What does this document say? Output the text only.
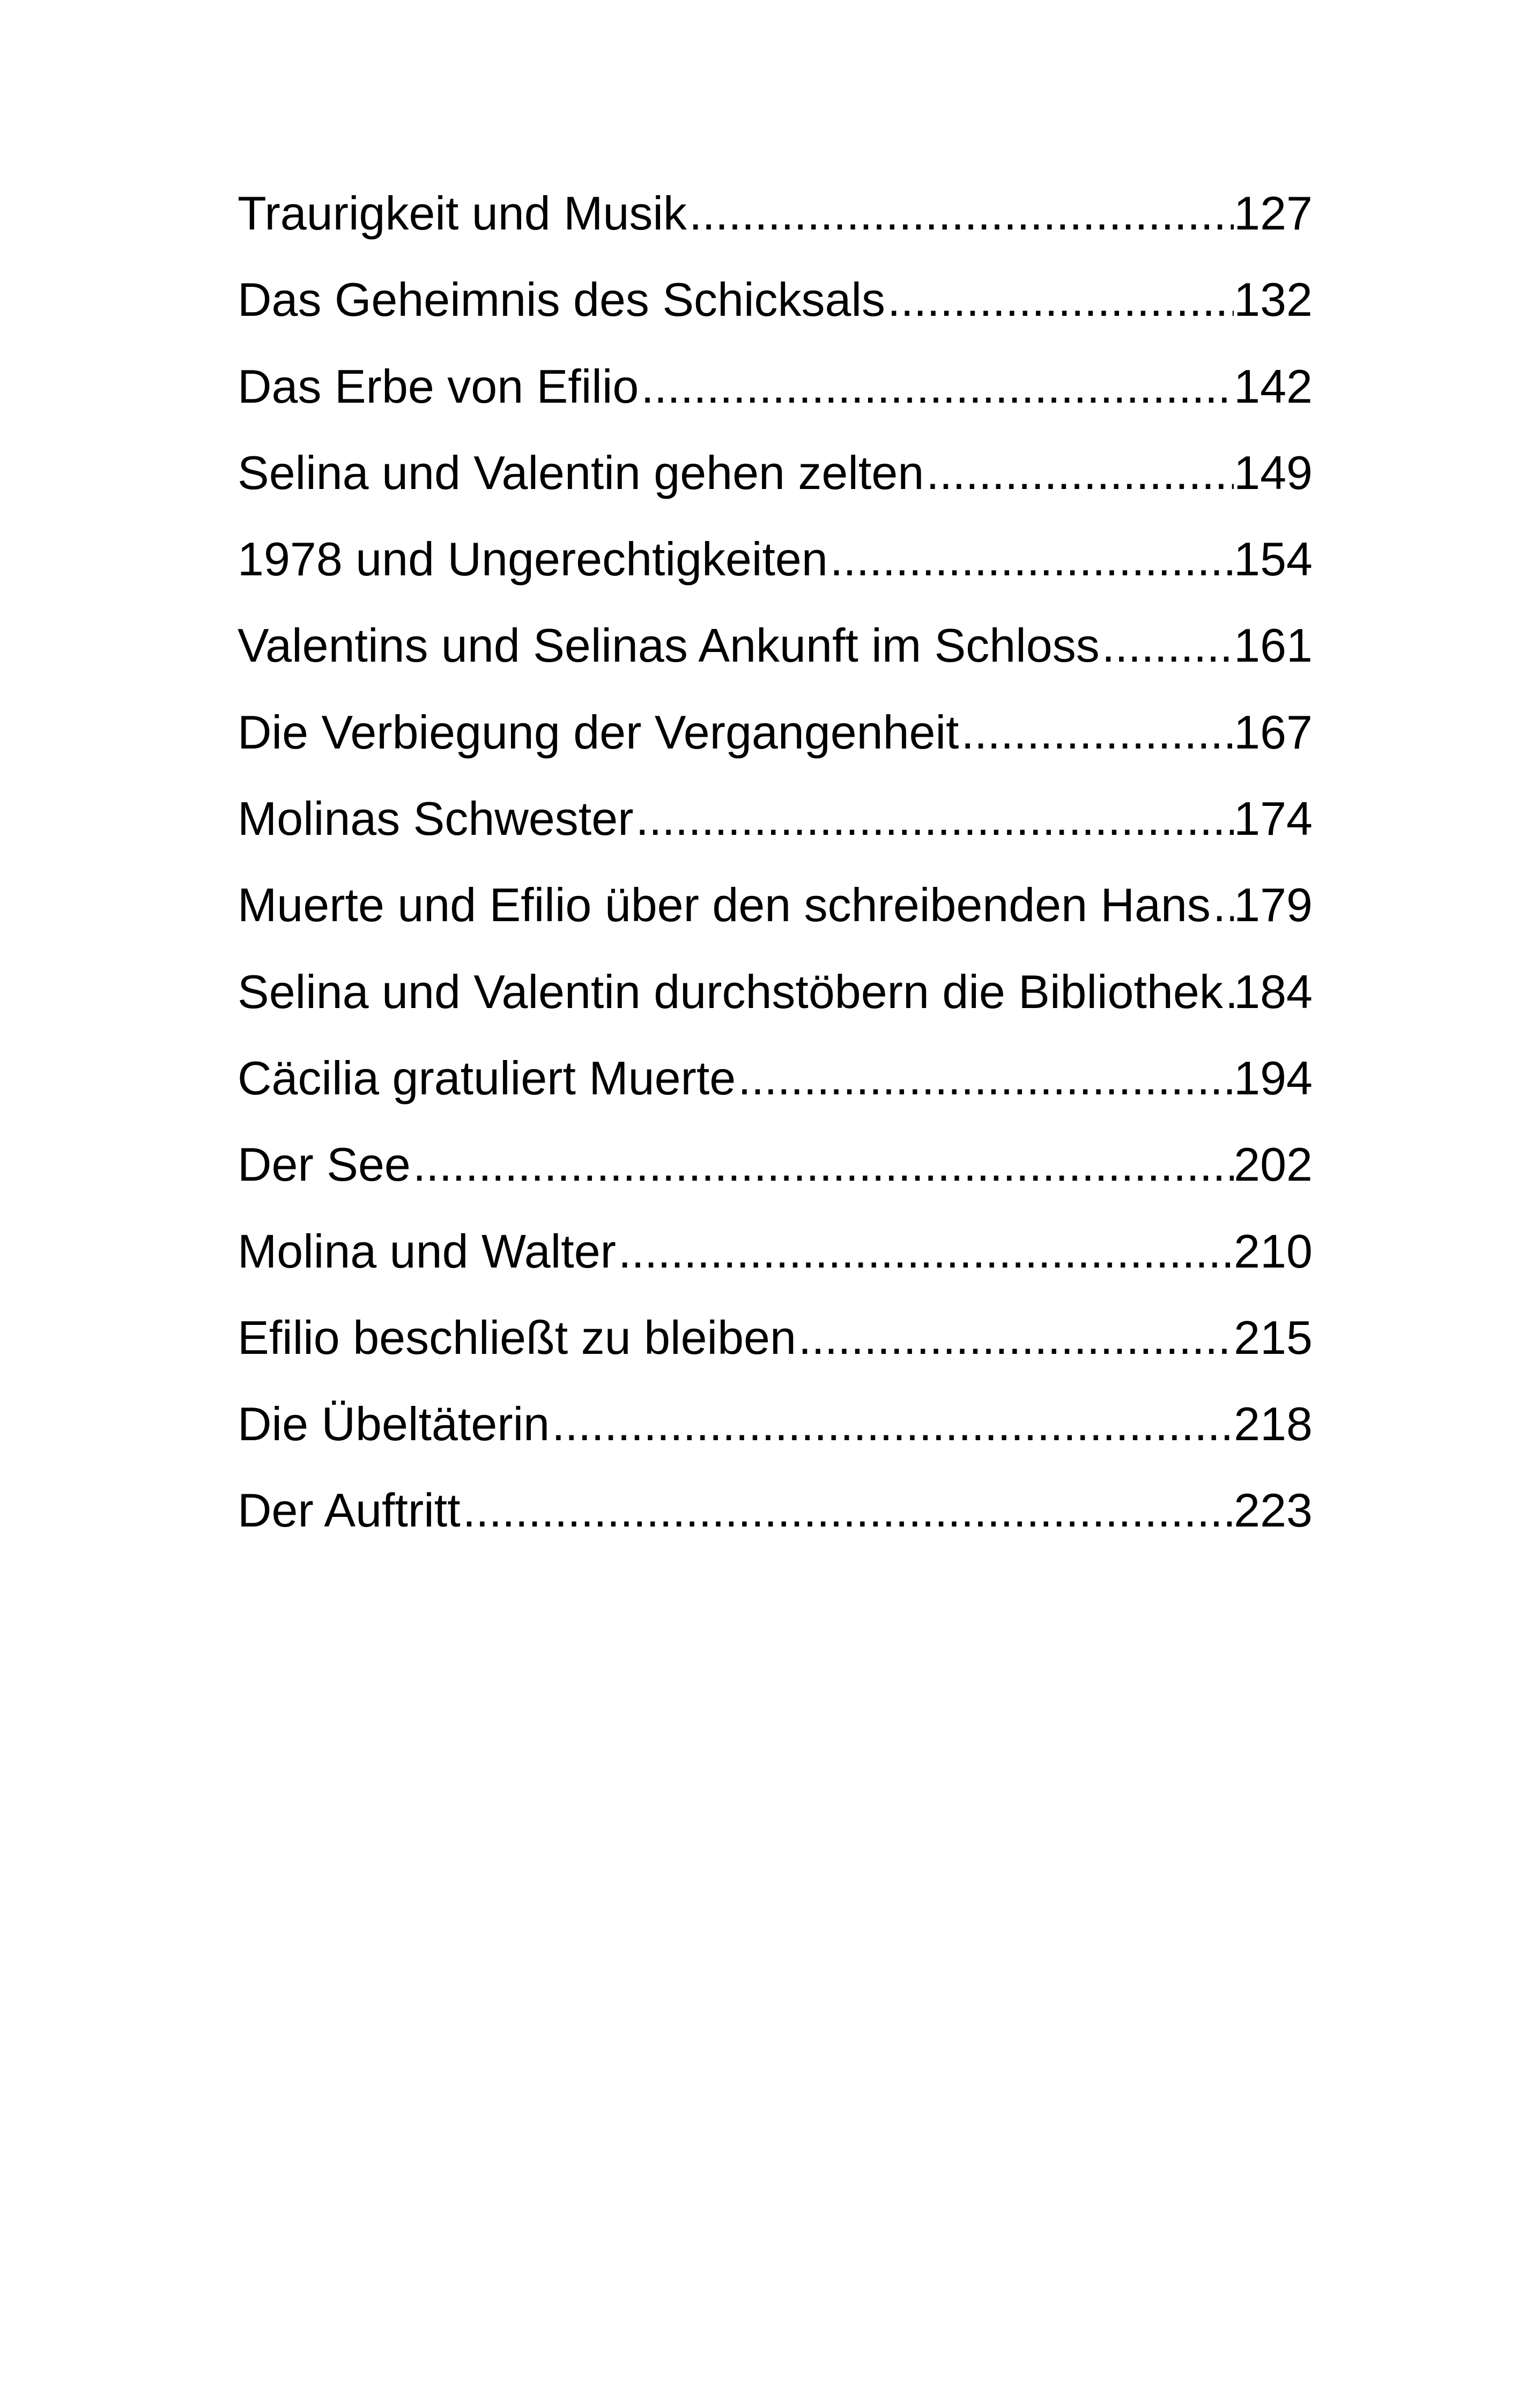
Traurigkeit und Musik .....	127
Das Geheimnis des Schicksals .....	132
Das Erbe von Efilio .....	142
Selina und Valentin gehen zelten .....	149
1978 und Ungerechtigkeiten .....	154
Valentins und Selinas Ankunft im Schloss .....	161
Die Verbiegung der Vergangenheit .....	167
Molinas Schwester .....	174
Muerte und Efilio über den schreibenden Hans ..... 179
Selina und Valentin durchstöbern die Bibliothek ..... 184
Cäcilia gratuliert Muerte .....	194
Der See .....	202
Molina und Walter .....	210
Efilio beschließt zu bleiben .....	215
Die Übeltäterin .....	218
Der Auftritt .....	223
